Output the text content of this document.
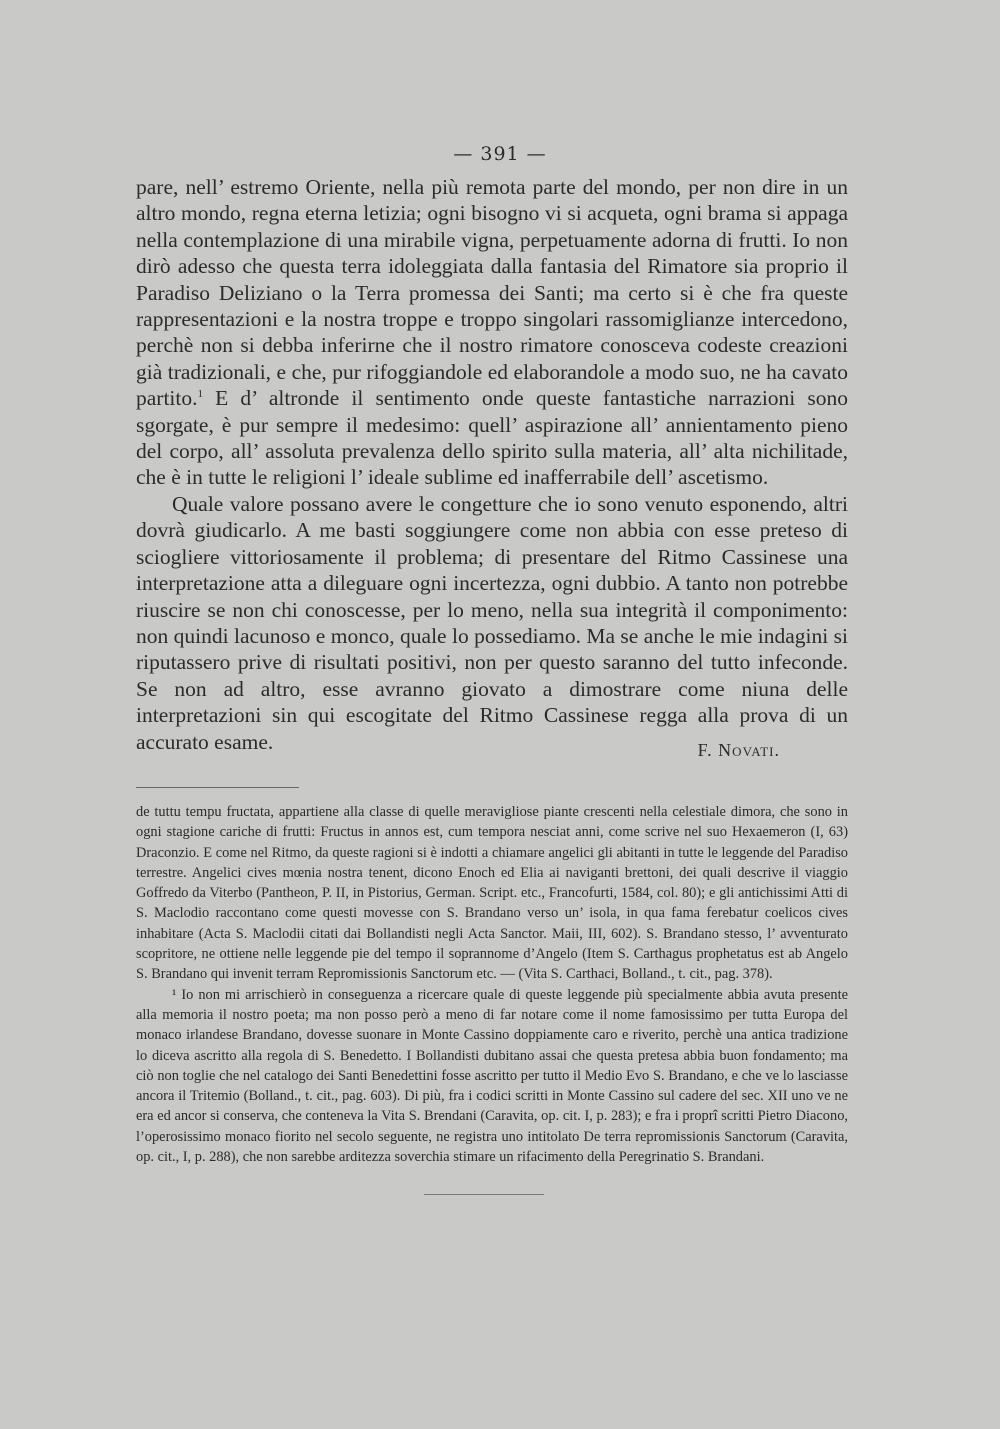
— 391 —

pare, nell’ estremo Oriente, nella più remota parte del mondo, per non dire in un altro mondo, regna eterna letizia; ogni bisogno vi si acqueta, ogni brama si appaga nella contemplazione di una mirabile vigna, perpetuamente adorna di frutti. Io non dirò adesso che questa terra idoleggiata dalla fantasia del Rimatore sia proprio il Paradiso Deliziano o la Terra promessa dei Santi; ma certo si è che fra queste rappresentazioni e la nostra troppe e troppo singolari rassomiglianze intercedono, perchè non si debba inferirne che il nostro rimatore conosceva codeste creazioni già tradizionali, e che, pur rifoggiandole ed elaborandole a modo suo, ne ha cavato partito.$^1$ E d’ altronde il sentimento onde queste fantastiche narrazioni sono sgorgate, è pur sempre il medesimo: quell’ aspirazione all’ annientamento pieno del corpo, all’ assoluta prevalenza dello spirito sulla materia, all’ alta nichilitade, che è in tutte le religioni l’ ideale sublime ed inafferrabile dell’ ascetismo.

Quale valore possano avere le congetture che io sono venuto esponendo, altri dovrà giudicarlo. A me basti soggiungere come non abbia con esse preteso di sciogliere vittoriosamente il problema; di presentare del Ritmo Cassinese una interpretazione atta a dileguare ogni incertezza, ogni dubbio. A tanto non potrebbe riuscire se non chi conoscesse, per lo meno, nella sua integrità il componimento: non quindi lacunoso e monco, quale lo possediamo. Ma se anche le mie indagini si riputassero prive di risultati positivi, non per questo saranno del tutto infeconde. Se non ad altro, esse avranno giovato a dimostrare come niuna delle interpretazioni sin qui escogitate del Ritmo Cassinese regga alla prova di un accurato esame.	F. Novati.

de tuttu tempu fructata, appartiene alla classe di quelle meravigliose piante crescenti nella celestiale dimora, che sono in ogni stagione cariche di frutti: Fructus in annos est, cum tempora nesciat anni, come scrive nel suo Hexaemeron (I, 63) Draconzio. E come nel Ritmo, da queste ragioni si è indotti a chiamare angelici gli abitanti in tutte le leggende del Paradiso terrestre. Angelici cives mœnia nostra tenent, dicono Enoch ed Elia ai naviganti brettoni, dei quali descrive il viaggio Goffredo da Viterbo (Pantheon, P. II, in Pistorius, German. Script. etc., Francofurti, 1584, col. 80); e gli antichissimi Atti di S. Maclodio raccontano come questi movesse con S. Brandano verso un’ isola, in qua fama ferebatur coelicos cives inhabitare (Acta S. Maclodii citati dai Bollandisti negli Acta Sanctor. Maii, III, 602). S. Brandano stesso, l’ avventurato scopritore, ne ottiene nelle leggende pie del tempo il soprannome d’Angelo (Item S. Carthagus prophetatus est ab Angelo S. Brandano qui invenit terram Repromissionis Sanctorum etc. — (Vita S. Carthaci, Bolland., t. cit., pag. 378).

¹ Io non mi arrischierò in conseguenza a ricercare quale di queste leggende più specialmente abbia avuta presente alla memoria il nostro poeta; ma non posso però a meno di far notare come il nome famosissimo per tutta Europa del monaco irlandese Brandano, dovesse suonare in Monte Cassino doppiamente caro e riverito, perchè una antica tradizione lo diceva ascritto alla regola di S. Benedetto. I Bollandisti dubitano assai che questa pretesa abbia buon fondamento; ma ciò non toglie che nel catalogo dei Santi Benedettini fosse ascritto per tutto il Medio Evo S. Brandano, e che ve lo lasciasse ancora il Tritemio (Bolland., t. cit., pag. 603). Di più, fra i codici scritti in Monte Cassino sul cadere del sec. XII uno ve ne era ed ancor si conserva, che conteneva la Vita S. Brendani (Caravita, op. cit. I, p. 283); e fra i proprî scritti Pietro Diacono, l’operosissimo monaco fiorito nel secolo seguente, ne registra uno intitolato De terra repromissionis Sanctorum (Caravita, op. cit., I, p. 288), che non sarebbe arditezza soverchia stimare un rifacimento della Peregrinatio S. Brandani.
